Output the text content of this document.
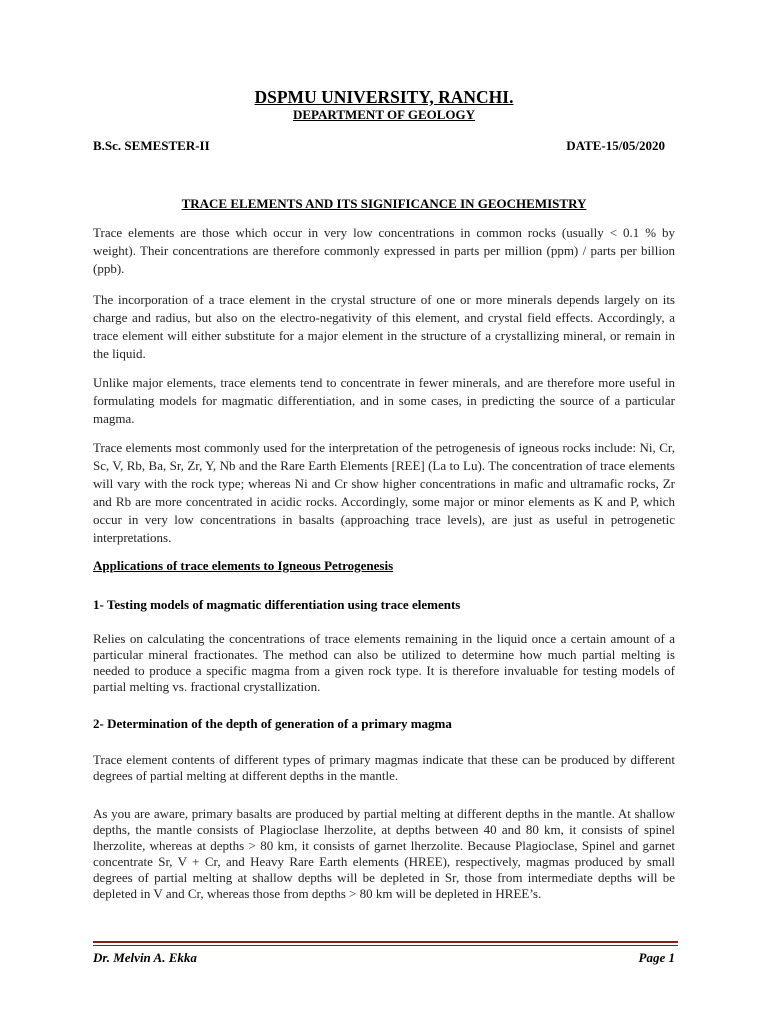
DSPMU UNIVERSITY, RANCHI.
DEPARTMENT OF GEOLOGY
B.Sc. SEMESTER-II	DATE-15/05/2020
TRACE ELEMENTS AND ITS SIGNIFICANCE IN GEOCHEMISTRY

Trace elements are those which occur in very low concentrations in common rocks (usually < 0.1 % by weight). Their concentrations are therefore commonly expressed in parts per million (ppm) / parts per billion (ppb).

The incorporation of a trace element in the crystal structure of one or more minerals depends largely on its charge and radius, but also on the electro-negativity of this element, and crystal field effects. Accordingly, a trace element will either substitute for a major element in the structure of a crystallizing mineral, or remain in the liquid.

Unlike major elements, trace elements tend to concentrate in fewer minerals, and are therefore more useful in formulating models for magmatic differentiation, and in some cases, in predicting the source of a particular magma.

Trace elements most commonly used for the interpretation of the petrogenesis of igneous rocks include: Ni, Cr, Sc, V, Rb, Ba, Sr, Zr, Y, Nb and the Rare Earth Elements [REE] (La to Lu). The concentration of trace elements will vary with the rock type; whereas Ni and Cr show higher concentrations in mafic and ultramafic rocks, Zr and Rb are more concentrated in acidic rocks. Accordingly, some major or minor elements as K and P, which occur in very low concentrations in basalts (approaching trace levels), are just as useful in petrogenetic interpretations.

Applications of trace elements to Igneous Petrogenesis
1- Testing models of magmatic differentiation using trace elements

Relies on calculating the concentrations of trace elements remaining in the liquid once a certain amount of a particular mineral fractionates. The method can also be utilized to determine how much partial melting is needed to produce a specific magma from a given rock type. It is therefore invaluable for testing models of partial melting vs. fractional crystallization.

2- Determination of the depth of generation of a primary magma

Trace element contents of different types of primary magmas indicate that these can be produced by different degrees of partial melting at different depths in the mantle.

As you are aware, primary basalts are produced by partial melting at different depths in the mantle. At shallow depths, the mantle consists of Plagioclase lherzolite, at depths between 40 and 80 km, it consists of spinel lherzolite, whereas at depths > 80 km, it consists of garnet lherzolite. Because Plagioclase, Spinel and garnet concentrate Sr, V + Cr, and Heavy Rare Earth elements (HREE), respectively, magmas produced by small degrees of partial melting at shallow depths will be depleted in Sr, those from intermediate depths will be depleted in V and Cr, whereas those from depths > 80 km will be depleted in HREE’s.

Dr. Melvin A. Ekka	Page 1
